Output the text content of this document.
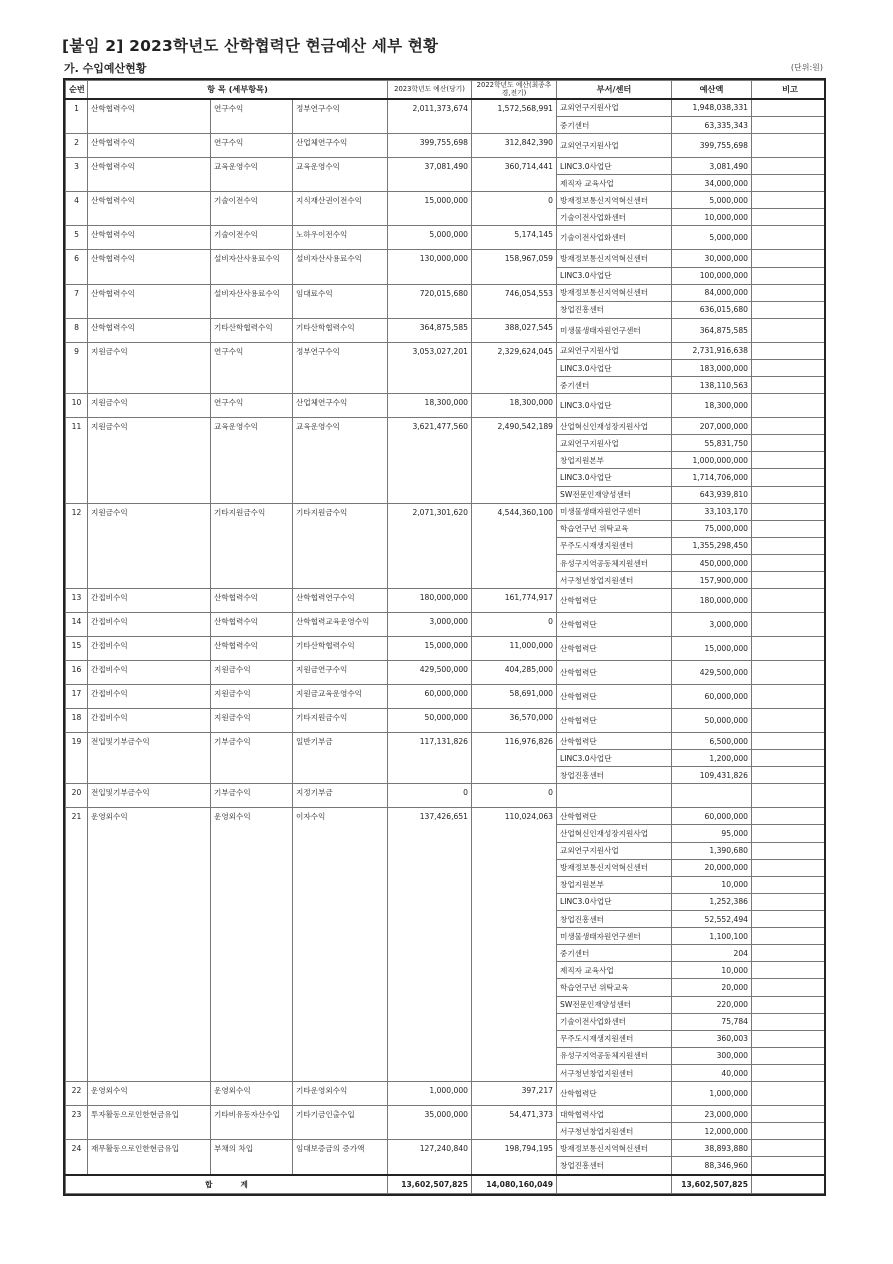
[붙임 2] 2023학년도 산학협력단 현금예산 세부 현황
가. 수입예산현황	(단위:원)
순번	항 목 (세부항목)			2023학년도 예산(당기)	2022학년도 예산(최종추경,전기)	부서/센터	예산액	비고
1	산학협력수익	연구수익	정부연구수익	2,011,373,674	1,572,568,991	교외연구지원사업	1,948,038,331	
						중기센터	63,335,343	
2	산학협력수익	연구수익	산업체연구수익	399,755,698	312,842,390	교외연구지원사업	399,755,698	
3	산학협력수익	교육운영수익	교육운영수익	37,081,490	360,714,441	LINC3.0사업단	3,081,490	
						제직자 교육사업	34,000,000	
4	산학협력수익	기술이전수익	지식재산권이전수익	15,000,000	0	방재정보통신지역혁신센터	5,000,000	
						기술이전사업화센터	10,000,000	
5	산학협력수익	기술이전수익	노하우이전수익	5,000,000	5,174,145	기술이전사업화센터	5,000,000	
6	산학협력수익	설비자산사용료수익	설비자산사용료수익	130,000,000	158,967,059	방재정보통신지역혁신센터	30,000,000	
						LINC3.0사업단	100,000,000	
7	산학협력수익	설비자산사용료수익	임대료수익	720,015,680	746,054,553	방재정보통신지역혁신센터	84,000,000	
						창업진흥센터	636,015,680	
8	산학협력수익	기타산학협력수익	기타산학협력수익	364,875,585	388,027,545	미생물생태자원연구센터	364,875,585	
9	지원금수익	연구수익	정부연구수익	3,053,027,201	2,329,624,045	교외연구지원사업	2,731,916,638	
						LINC3.0사업단	183,000,000	
						중기센터	138,110,563	
10	지원금수익	연구수익	산업체연구수익	18,300,000	18,300,000	LINC3.0사업단	18,300,000	
11	지원금수익	교육운영수익	교육운영수익	3,621,477,560	2,490,542,189	산업혁신인재성장지원사업	207,000,000	
						교외연구지원사업	55,831,750	
						창업지원본부	1,000,000,000	
						LINC3.0사업단	1,714,706,000	
						SW전문인재양성센터	643,939,810	
12	지원금수익	기타지원금수익	기타지원금수익	2,071,301,620	4,544,360,100	미생물생태자원연구센터	33,103,170	
						학습연구년 위탁교육	75,000,000	
						무주도시재생지원센터	1,355,298,450	
						유성구지역공동체지원센터	450,000,000	
						서구청년창업지원센터	157,900,000	
13	간접비수익	산학협력수익	산학협력연구수익	180,000,000	161,774,917	산학협력단	180,000,000	
14	간접비수익	산학협력수익	산학협력교육운영수익	3,000,000	0	산학협력단	3,000,000	
15	간접비수익	산학협력수익	기타산학협력수익	15,000,000	11,000,000	산학협력단	15,000,000	
16	간접비수익	지원금수익	지원금연구수익	429,500,000	404,285,000	산학협력단	429,500,000	
17	간접비수익	지원금수익	지원금교육운영수익	60,000,000	58,691,000	산학협력단	60,000,000	
18	간접비수익	지원금수익	기타지원금수익	50,000,000	36,570,000	산학협력단	50,000,000	
19	전입및기부금수익	기부금수익	일반기부금	117,131,826	116,976,826	산학협력단	6,500,000	
						LINC3.0사업단	1,200,000	
						창업진흥센터	109,431,826	
20	전입및기부금수익	기부금수익	지정기부금	0	0			
21	운영외수익	운영외수익	이자수익	137,426,651	110,024,063	산학협력단	60,000,000	
						산업혁신인재성장지원사업	95,000	
						교외연구지원사업	1,390,680	
						방재정보통신지역혁신센터	20,000,000	
						창업지원본부	10,000	
						LINC3.0사업단	1,252,386	
						창업진흥센터	52,552,494	
						미생물생태자원연구센터	1,100,100	
						중기센터	204	
						제직자 교육사업	10,000	
						학습연구년 위탁교육	20,000	
						SW전문인재양성센터	220,000	
						기술이전사업화센터	75,784	
						무주도시재생지원센터	360,003	
						유성구지역공동체지원센터	300,000	
						서구청년창업지원센터	40,000	
22	운영외수익	운영외수익	기타운영외수익	1,000,000	397,217	산학협력단	1,000,000	
23	투자활동으로인한현금유입	기타비유동자산수입	기타기금인출수입	35,000,000	54,471,373	대학협력사업	23,000,000	
						서구청년창업지원센터	12,000,000	
24	재무활동으로인한현금유입	부채의 차입	임대보증금의 증가액	127,240,840	198,794,195	방재정보통신지역혁신센터	38,893,880	
						창업진흥센터	88,346,960	
합계				13,602,507,825	14,080,160,049		13,602,507,825	
